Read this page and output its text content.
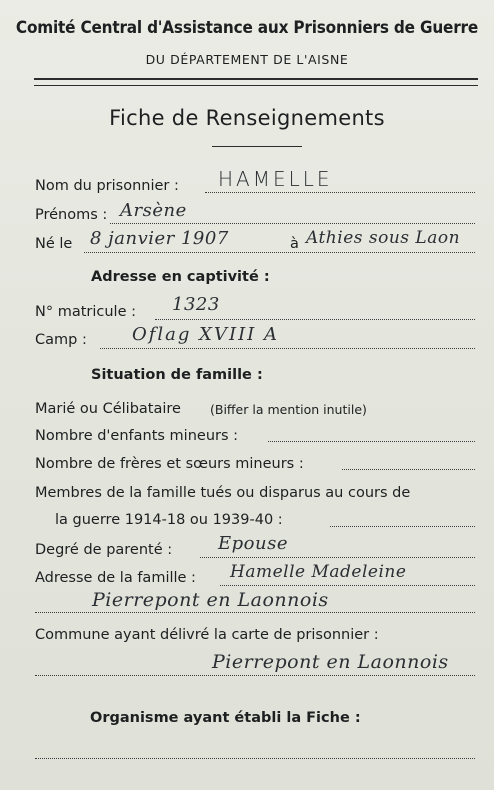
Comité Central d'Assistance aux Prisonniers de Guerre
DU DÉPARTEMENT DE L'AISNE
Fiche de Renseignements
Nom du prisonnier : HAMELLE
Prénoms : Arsène
Né le 8 janvier 1907	à Athies sous Laon
Adresse en captivité :
N° matricule : 1323
Camp :	Oflag XVIII A
Situation de famille :
Marié ou Célibataire (Biffer la mention inutile)
Nombre d'enfants mineurs :
Nombre de frères et sœurs mineurs :
Membres de la famille tués ou disparus au cours de
la guerre 1914-18 ou 1939-40 :
Degré de parenté :	Epouse
Adresse de la famille : Hamelle Madeleine
Pierrepont en Laonnois
Commune ayant délivré la carte de prisonnier :
Pierrepont en Laonnois
Organisme ayant établi la Fiche :
